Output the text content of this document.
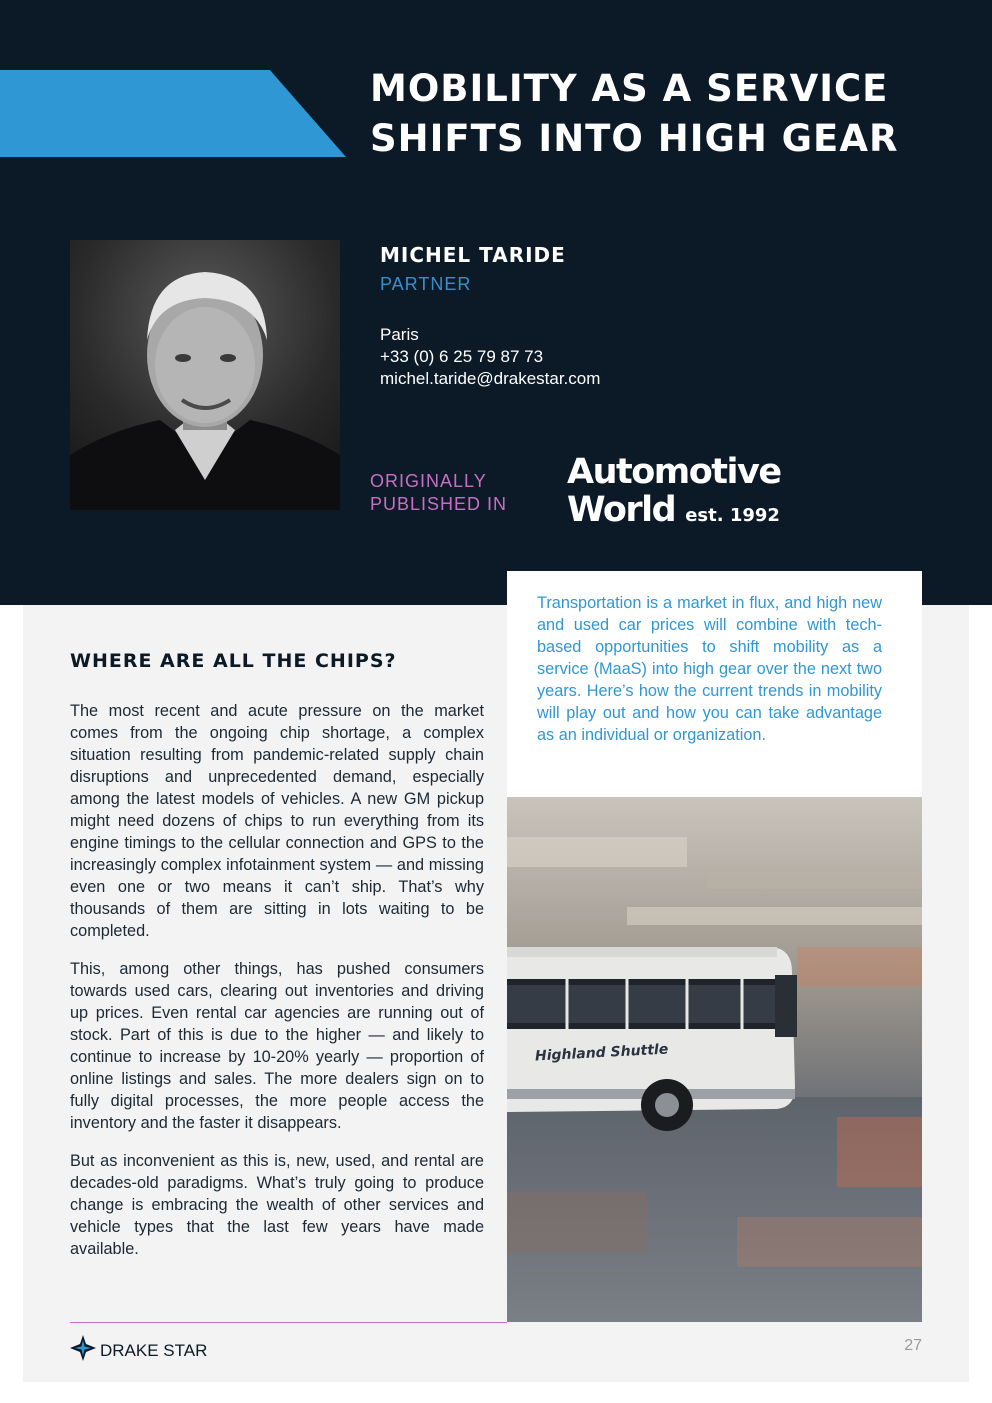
MOBILITY AS A SERVICE
SHIFTS INTO HIGH GEAR
MICHEL TARIDE
PARTNER
Paris
+33 (0) 6 25 79 87 73
michel.taride@drakestar.com
ORIGINALLY
PUBLISHED IN
Automotive
World est. 1992
WHERE ARE ALL THE CHIPS?

The most recent and acute pressure on the market comes from the ongoing chip shortage, a complex situation resulting from pandemic-related supply chain disruptions and unprecedented demand, especially among the latest models of vehicles. A new GM pickup might need dozens of chips to run everything from its engine timings to the cellular connection and GPS to the increasingly complex infotainment system — and missing even one or two means it can’t ship. That’s why thousands of them are sitting in lots waiting to be completed.

This, among other things, has pushed consumers towards used cars, clearing out inventories and driving up prices. Even rental car agencies are running out of stock. Part of this is due to the higher — and likely to continue to increase by 10-20% yearly — proportion of online listings and sales. The more dealers sign on to fully digital processes, the more people access the inventory and the faster it disappears.

But as inconvenient as this is, new, used, and rental are decades-old paradigms. What’s truly going to produce change is embracing the wealth of other services and vehicle types that the last few years have made available.

Transportation is a market in flux, and high new and used car prices will combine with tech-based opportunities to shift mobility as a service (MaaS) into high gear over the next two years. Here’s how the current trends in mobility will play out and how you can take advantage as an individual or organization.

Highland Shuttle
DRAKE STAR	27
